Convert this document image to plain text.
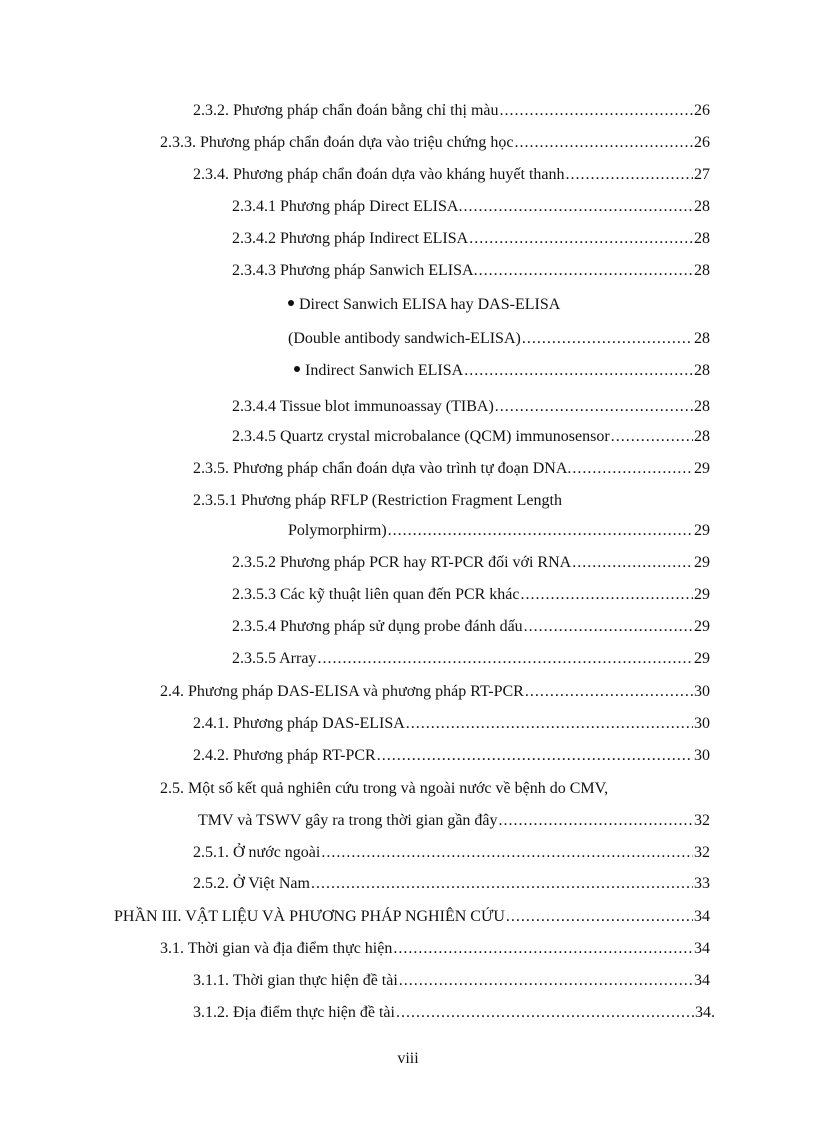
2.3.2. Phương pháp chẩn đoán bằng chỉ thị màu .....	26
2.3.3. Phương pháp chẩn đoán dựa vào triệu chứng học .....	26
2.3.4. Phương pháp chẩn đoán dựa vào kháng huyết thanh .....	27
2.3.4.1 Phương pháp Direct ELISA. .....	28
2.3.4.2 Phương pháp Indirect ELISA .....	28
2.3.4.3 Phương pháp Sanwich ELISA. .....	28
Direct Sanwich ELISA hay DAS-ELISA
(Double antibody sandwich-ELISA) .....	28
Indirect Sanwich ELISA .....	28
2.3.4.4 Tissue blot immunoassay (TIBA) .....	28
2.3.4.5 Quartz crystal microbalance (QCM) immunosensor .....	28
2.3.5. Phương pháp chẩn đoán dựa vào trình tự đoạn DNA. .....	29
2.3.5.1 Phương pháp RFLP (Restriction Fragment Length
Polymorphirm) .....	29
2.3.5.2 Phương pháp PCR hay RT-PCR đối với RNA .....	29
2.3.5.3 Các kỹ thuật liên quan đến PCR khác .....	29
2.3.5.4 Phương pháp sử dụng probe đánh dấu .....	29
2.3.5.5 Array .....	29
2.4. Phương pháp DAS-ELISA và phương pháp RT-PCR .....	30
2.4.1. Phương pháp DAS-ELISA .....	30
2.4.2. Phương pháp RT-PCR .....	30
2.5. Một số kết quả nghiên cứu trong và ngoài nước về bệnh do CMV,
TMV và TSWV gây ra trong thời gian gần đây .....	32
2.5.1. Ở nước ngoài .....	32
2.5.2. Ở Việt Nam .....	33
PHẦN III. VẬT LIỆU VÀ PHƯƠNG PHÁP NGHIÊN CỨU .....	34
3.1. Thời gian và địa điểm thực hiện .....	34
3.1.1. Thời gian thực hiện đề tài .....	34
3.1.2. Địa điểm thực hiện đề tài .....	34.
viii
